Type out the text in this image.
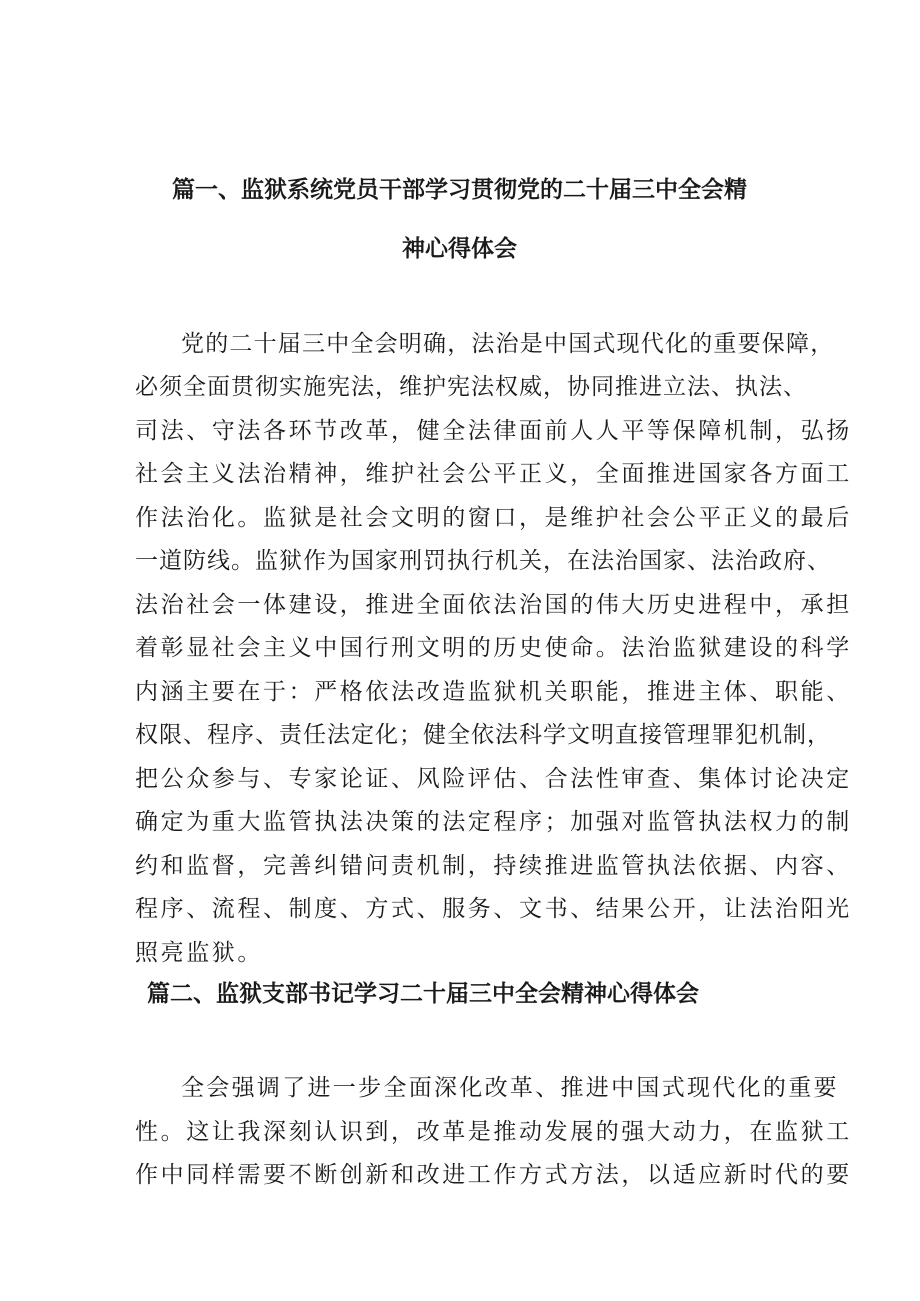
篇一、监狱系统党员干部学习贯彻党的二十届三中全会精
神心得体会
党的二十届三中全会明确，法治是中国式现代化的重要保障，
必须全面贯彻实施宪法，维护宪法权威，协同推进立法、执法、
司法、守法各环节改革，健全法律面前人人平等保障机制，弘扬
社会主义法治精神，维护社会公平正义，全面推进国家各方面工
作法治化。监狱是社会文明的窗口，是维护社会公平正义的最后
一道防线。监狱作为国家刑罚执行机关，在法治国家、法治政府、
法治社会一体建设，推进全面依法治国的伟大历史进程中，承担
着彰显社会主义中国行刑文明的历史使命。法治监狱建设的科学
内涵主要在于：严格依法改造监狱机关职能，推进主体、职能、
权限、程序、责任法定化；健全依法科学文明直接管理罪犯机制，
把公众参与、专家论证、风险评估、合法性审查、集体讨论决定
确定为重大监管执法决策的法定程序；加强对监管执法权力的制
约和监督，完善纠错问责机制，持续推进监管执法依据、内容、
程序、流程、制度、方式、服务、文书、结果公开，让法治阳光
照亮监狱。
篇二、监狱支部书记学习二十届三中全会精神心得体会
全会强调了进一步全面深化改革、推进中国式现代化的重要
性。这让我深刻认识到，改革是推动发展的强大动力，在监狱工
作中同样需要不断创新和改进工作方式方法，以适应新时代的要
